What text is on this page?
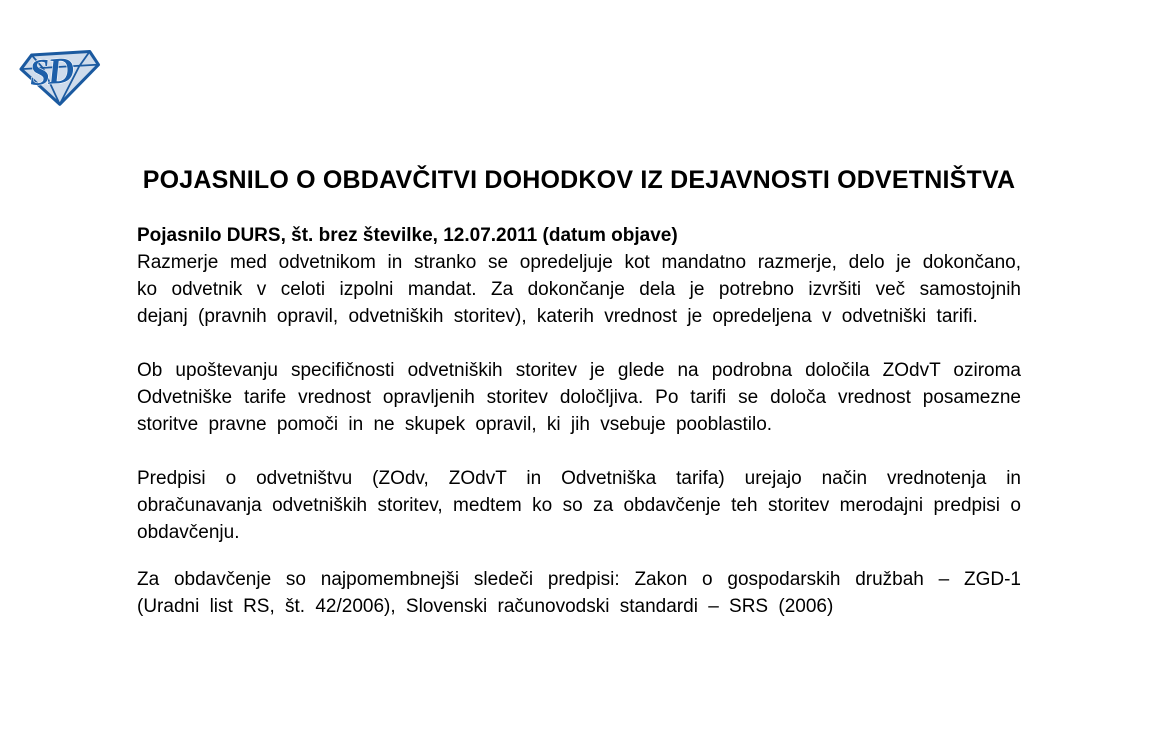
SD
POJASNILO O OBDAVČITVI DOHODKOV IZ DEJAVNOSTI ODVETNIŠTVA

Pojasnilo DURS, št. brez številke, 12.07.2011 (datum objave)

Razmerje med odvetnikom in stranko se opredeljuje kot mandatno razmerje, delo je dokončano, ko odvetnik v celoti izpolni mandat. Za dokončanje dela je potrebno izvršiti več samostojnih dejanj (pravnih opravil, odvetniških storitev), katerih vrednost je opredeljena v odvetniški tarifi.

Ob upoštevanju specifičnosti odvetniških storitev je glede na podrobna določila ZOdvT oziroma Odvetniške tarife vrednost opravljenih storitev določljiva. Po tarifi se določa vrednost posamezne storitve pravne pomoči in ne skupek opravil, ki jih vsebuje pooblastilo.

Predpisi o odvetništvu (ZOdv, ZOdvT in Odvetniška tarifa) urejajo način vrednotenja in obračunavanja odvetniških storitev, medtem ko so za obdavčenje teh storitev merodajni predpisi o obdavčenju.

Za obdavčenje so najpomembnejši sledeči predpisi: Zakon o gospodarskih družbah – ZGD-1 (Uradni list RS, št. 42/2006), Slovenski računovodski standardi – SRS (2006)
